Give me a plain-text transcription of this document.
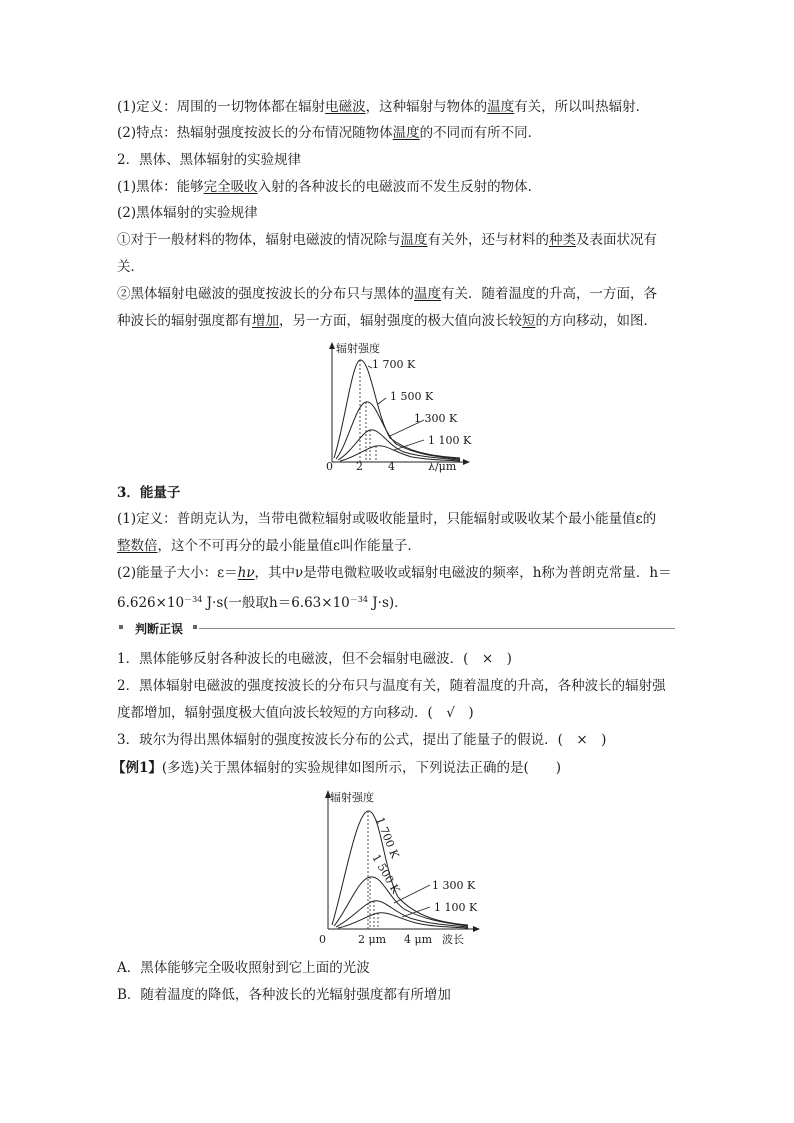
(1)定义：周围的一切物体都在辐射电磁波，这种辐射与物体的温度有关，所以叫热辐射．
(2)特点：热辐射强度按波长的分布情况随物体温度的不同而有所不同．
2．黑体、黑体辐射的实验规律
(1)黑体：能够完全吸收入射的各种波长的电磁波而不发生反射的物体．
(2)黑体辐射的实验规律
①对于一般材料的物体，辐射电磁波的情况除与温度有关外，还与材料的种类及表面状况有
关．
②黑体辐射电磁波的强度按波长的分布只与黑体的温度有关．随着温度的升高，一方面，各
种波长的辐射强度都有增加，另一方面，辐射强度的极大值向波长较短的方向移动，如图．
辐射强度
0 2 4	λ/μm
1 700 K
1 500 K
1 300 K
1 100 K
3．能量子
(1)定义：普朗克认为，当带电微粒辐射或吸收能量时，只能辐射或吸收某个最小能量值ε的
整数倍，这个不可再分的最小能量值ε叫作能量子．
(2)能量子大小：ε＝hν，其中ν是带电微粒吸收或辐射电磁波的频率，h称为普朗克常量．h＝
$6.626\times 10^{-34}$ J·s(一般取$h=6.63\times 10^{-34}$ J·s)．
判断正误
1．黑体能够反射各种波长的电磁波，但不会辐射电磁波．(　×　)
2．黑体辐射电磁波的强度按波长的分布只与温度有关，随着温度的升高，各种波长的辐射强
度都增加，辐射强度极大值向波长较短的方向移动．(　√　)
3．玻尔为得出黑体辐射的强度按波长分布的公式，提出了能量子的假说．(　×　)
【例1】(多选)关于黑体辐射的实验规律如图所示，下列说法正确的是(　　)
辐射强度
0	2 μm 4 μm 波长
1 700 K
1 500 K	1 300 K
1 100 K
A．黑体能够完全吸收照射到它上面的光波
B．随着温度的降低，各种波长的光辐射强度都有所增加
